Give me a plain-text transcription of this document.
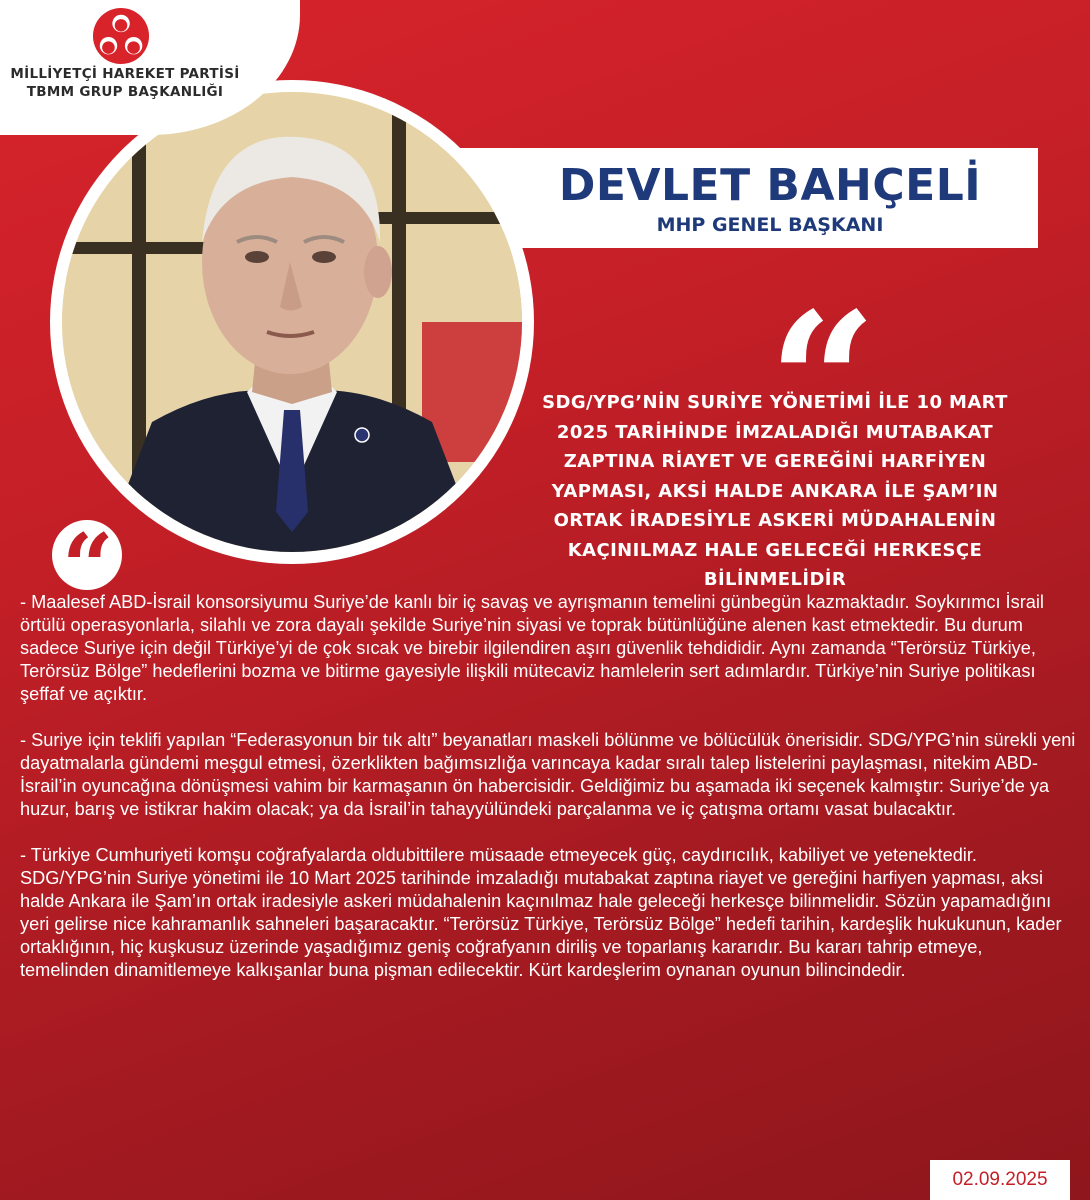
MİLLİYETÇİ HAREKET PARTİSİ
TBMM GRUP BAŞKANLIĞI
DEVLET BAHÇELİ
MHP GENEL BAŞKANI
“
“
SDG/YPG’NİN SURİYE YÖNETİMİ İLE 10 MART 2025 TARİHİNDE İMZALADIĞI MUTABAKAT ZAPTINA RİAYET VE GEREĞİNİ HARFİYEN YAPMASI, AKSİ HALDE ANKARA İLE ŞAM’IN ORTAK İRADESİYLE ASKERİ MÜDAHALENİN KAÇINILMAZ HALE GELECEĞİ HERKESÇE BİLİNMELİDİR

- Maalesef ABD-İsrail konsorsiyumu Suriye’de kanlı bir iç savaş ve ayrışmanın temelini günbegün kazmaktadır. Soykırımcı İsrail örtülü operasyonlarla, silahlı ve zora dayalı şekilde Suriye’nin siyasi ve toprak bütünlüğüne alenen kast etmektedir. Bu durum sadece Suriye için değil Türkiye’yi de çok sıcak ve birebir ilgilendiren aşırı güvenlik tehdididir. Aynı zamanda “Terörsüz Türkiye, Terörsüz Bölge” hedeflerini bozma ve bitirme gayesiyle ilişkili mütecaviz hamlelerin sert adımlardır. Türkiye’nin Suriye politikası şeffaf ve açıktır.

- Suriye için teklifi yapılan “Federasyonun bir tık altı” beyanatları maskeli bölünme ve bölücülük önerisidir. SDG/YPG’nin sürekli yeni dayatmalarla gündemi meşgul etmesi, özerklikten bağımsızlığa varıncaya kadar sıralı talep listelerini paylaşması, nitekim ABD-İsrail’in oyuncağına dönüşmesi vahim bir karmaşanın ön habercisidir. Geldiğimiz bu aşamada iki seçenek kalmıştır: Suriye’de ya huzur, barış ve istikrar hakim olacak; ya da İsrail’in tahayyülündeki parçalanma ve iç çatışma ortamı vasat bulacaktır.

- Türkiye Cumhuriyeti komşu coğrafyalarda oldubittilere müsaade etmeyecek güç, caydırıcılık, kabiliyet ve yetenektedir. SDG/YPG’nin Suriye yönetimi ile 10 Mart 2025 tarihinde imzaladığı mutabakat zaptına riayet ve gereğini harfiyen yapması, aksi halde Ankara ile Şam’ın ortak iradesiyle askeri müdahalenin kaçınılmaz hale geleceği herkesçe bilinmelidir. Sözün yapamadığını yeri gelirse nice kahramanlık sahneleri başaracaktır. “Terörsüz Türkiye, Terörsüz Bölge” hedefi tarihin, kardeşlik hukukunun, kader ortaklığının, hiç kuşkusuz üzerinde yaşadığımız geniş coğrafyanın diriliş ve toparlanış kararıdır. Bu kararı tahrip etmeye, temelinden dinamitlemeye kalkışanlar buna pişman edilecektir. Kürt kardeşlerim oynanan oyunun bilincindedir.

02.09.2025
